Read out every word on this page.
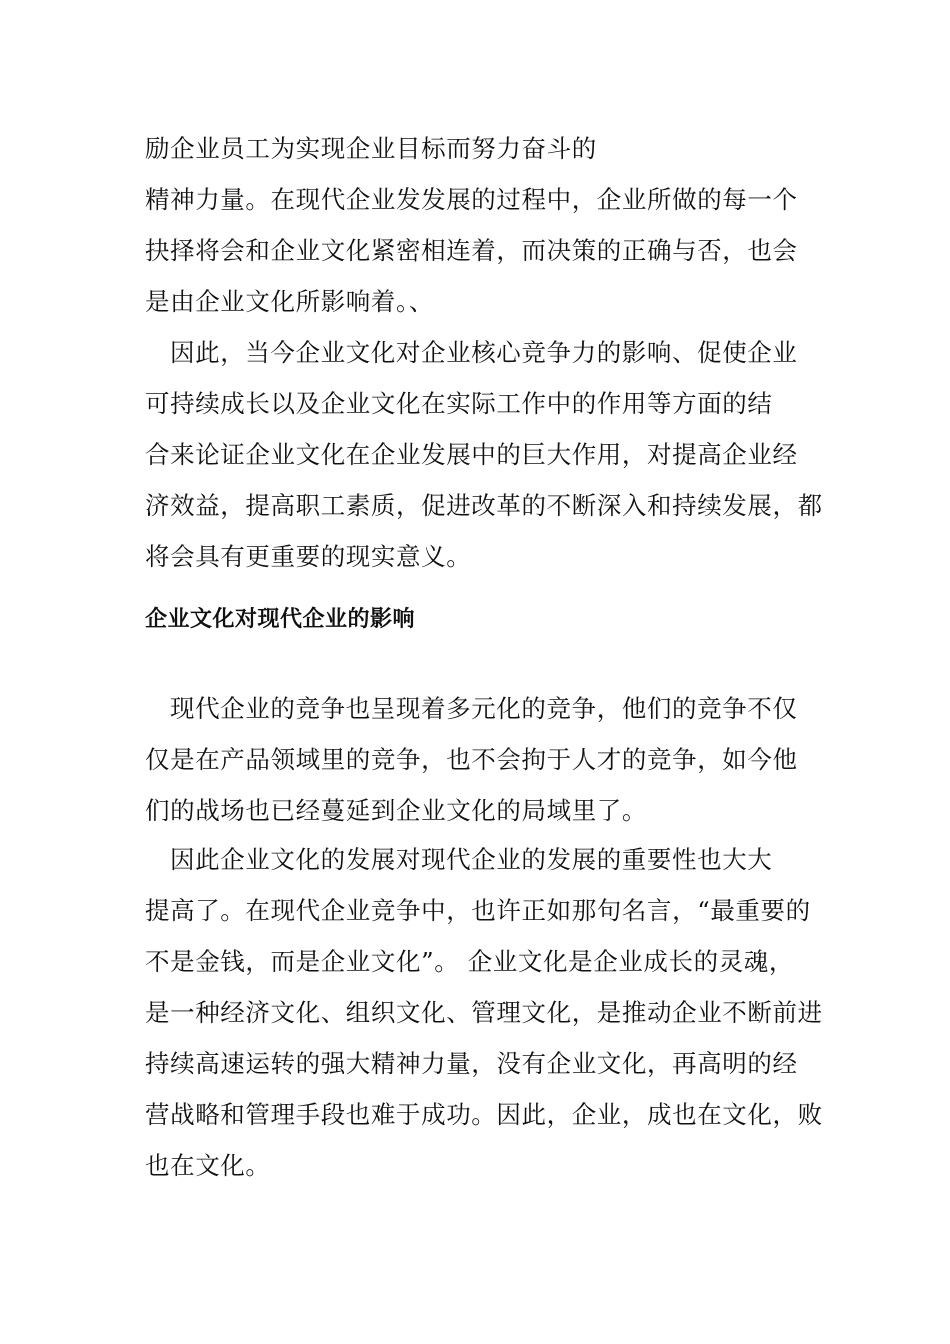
励企业员工为实现企业目标而努力奋斗的
精神力量。在现代企业发发展的过程中，企业所做的每一个
抉择将会和企业文化紧密相连着，而决策的正确与否，也会
是由企业文化所影响着。、
因此，当今企业文化对企业核心竞争力的影响、促使企业
可持续成长以及企业文化在实际工作中的作用等方面的结
合来论证企业文化在企业发展中的巨大作用，对提高企业经
济效益，提高职工素质，促进改革的不断深入和持续发展，都
将会具有更重要的现实意义。
企业文化对现代企业的影响
现代企业的竞争也呈现着多元化的竞争，他们的竞争不仅
仅是在产品领域里的竞争，也不会拘于人才的竞争，如今他
们的战场也已经蔓延到企业文化的局域里了。
因此企业文化的发展对现代企业的发展的重要性也大大
提高了。在现代企业竞争中，也许正如那句名言，“最重要的
不是金钱，而是企业文化”。 企业文化是企业成长的灵魂，
是一种经济文化、组织文化、管理文化，是推动企业不断前进
持续高速运转的强大精神力量，没有企业文化，再高明的经
营战略和管理手段也难于成功。因此，企业，成也在文化，败
也在文化。
